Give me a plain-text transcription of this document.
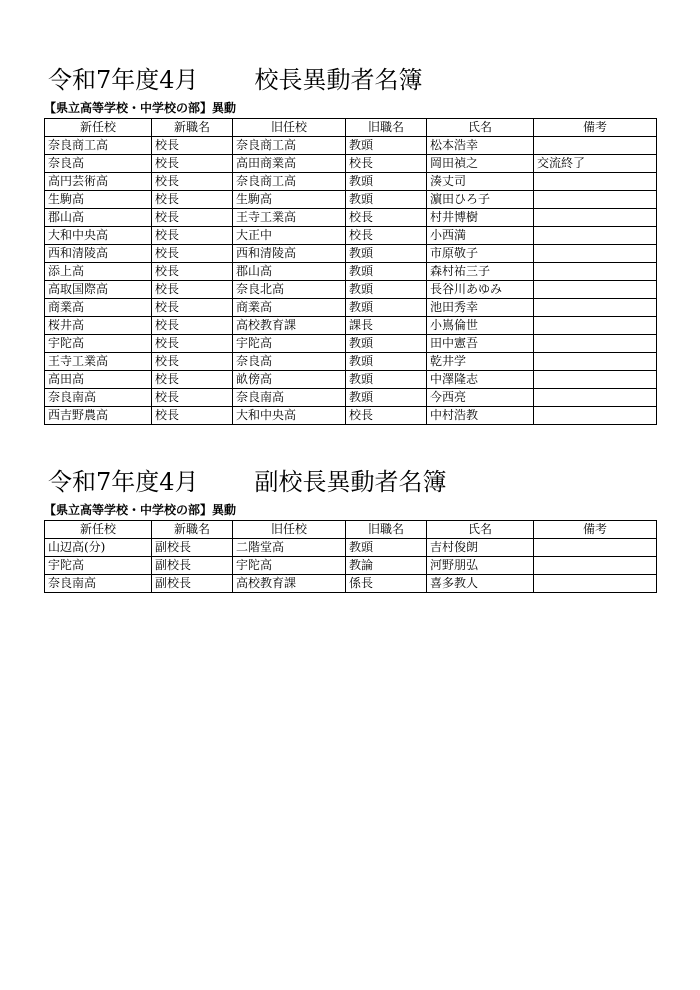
令和7年度4月 校長異動者名簿
【県立高等学校・中学校の部】異動
新任校	新職名	旧任校	旧職名	氏名	備考
奈良商工高	校長	奈良商工高	教頭	松本浩幸	
奈良高	校長	高田商業高	校長	岡田禎之	交流終了
高円芸術高	校長	奈良商工高	教頭	湊丈司	
生駒高	校長	生駒高	教頭	濵田ひろ子	
郡山高	校長	王寺工業高	校長	村井博樹	
大和中央高	校長	大正中	校長	小西満	
西和清陵高	校長	西和清陵高	教頭	市原敬子	
添上高	校長	郡山高	教頭	森村祐三子	
高取国際高	校長	奈良北高	教頭	長谷川あゆみ	
商業高	校長	商業高	教頭	池田秀幸	
桜井高	校長	高校教育課	課長	小嶌倫世	
宇陀高	校長	宇陀高	教頭	田中憲吾	
王寺工業高	校長	奈良高	教頭	乾井学	
高田高	校長	畝傍高	教頭	中澤隆志	
奈良南高	校長	奈良南高	教頭	今西亮	
西吉野農高	校長	大和中央高	校長	中村浩教	
令和7年度4月 副校長異動者名簿
【県立高等学校・中学校の部】異動
新任校	新職名	旧任校	旧職名	氏名	備考
山辺高(分)	副校長	二階堂高	教頭	吉村俊朗	
宇陀高	副校長	宇陀高	教論	河野朋弘	
奈良南高	副校長	高校教育課	係長	喜多教人	
